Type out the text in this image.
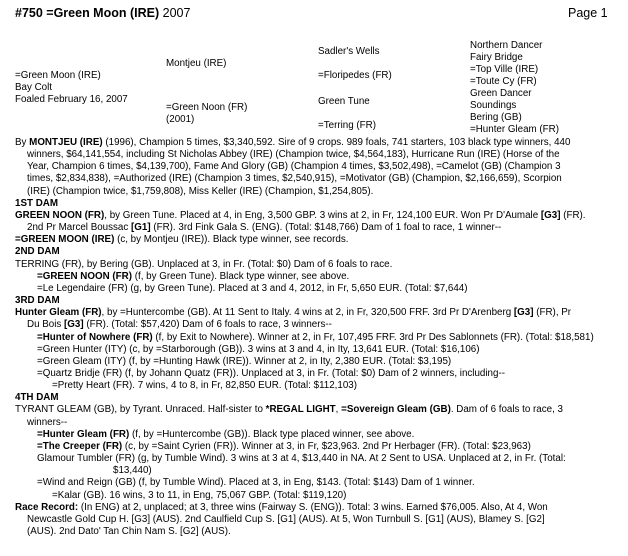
#750 =Green Moon (IRE) 2007	Page 1
=Green Moon (IRE)
Bay Colt
Foaled February 16, 2007
Montjeu (IRE)
=Green Noon (FR)
(2001)
Sadler's Wells
=Floripedes (FR)
Green Tune
=Terring (FR)
Northern Dancer
Fairy Bridge
=Top Ville (IRE)
=Toute Cy (FR)
Green Dancer
Soundings
Bering (GB)
=Hunter Gleam (FR)
By MONTJEU (IRE) (1996), Champion 5 times, $3,340,592. Sire of 9 crops. 989 foals, 741 starters, 103 black type winners, 440
winners, $64,141,554, including St Nicholas Abbey (IRE) (Champion twice, $4,564,183), Hurricane Run (IRE) (Horse of the
Year, Champion 6 times, $4,139,700), Fame And Glory (GB) (Champion 4 times, $3,502,498), =Camelot (GB) (Champion 3
times, $2,834,838), =Authorized (IRE) (Champion 3 times, $2,540,915), =Motivator (GB) (Champion, $2,166,659), Scorpion
(IRE) (Champion twice, $1,759,808), Miss Keller (IRE) (Champion, $1,254,805).
1ST DAM
GREEN NOON (FR), by Green Tune. Placed at 4, in Eng, 3,500 GBP. 3 wins at 2, in Fr, 124,100 EUR. Won Pr D'Aumale [G3] (FR).
2nd Pr Marcel Boussac [G1] (FR). 3rd Fink Gala S. (ENG). (Total: $148,766) Dam of 1 foal to race, 1 winner--
=GREEN MOON (IRE) (c, by Montjeu (IRE)). Black type winner, see records.
2ND DAM
TERRING (FR), by Bering (GB). Unplaced at 3, in Fr. (Total: $0) Dam of 6 foals to race.
=GREEN NOON (FR) (f, by Green Tune). Black type winner, see above.
=Le Legendaire (FR) (g, by Green Tune). Placed at 3 and 4, 2012, in Fr, 5,650 EUR. (Total: $7,644)
3RD DAM
Hunter Gleam (FR), by =Huntercombe (GB). At 11 Sent to Italy. 4 wins at 2, in Fr, 320,500 FRF. 3rd Pr D'Arenberg [G3] (FR), Pr
Du Bois [G3] (FR). (Total: $57,420) Dam of 6 foals to race, 3 winners--
=Hunter of Nowhere (FR) (f, by Exit to Nowhere). Winner at 2, in Fr, 107,495 FRF. 3rd Pr Des Sablonnets (FR). (Total: $18,581)
=Green Hunter (ITY) (c, by =Starborough (GB)). 3 wins at 3 and 4, in Ity, 13,641 EUR. (Total: $16,106)
=Green Gleam (ITY) (f, by =Hunting Hawk (IRE)). Winner at 2, in Ity, 2,380 EUR. (Total: $3,195)
=Quartz Bridje (FR) (f, by Johann Quatz (FR)). Unplaced at 3, in Fr. (Total: $0) Dam of 2 winners, including--
=Pretty Heart (FR). 7 wins, 4 to 8, in Fr, 82,850 EUR. (Total: $112,103)
4TH DAM
TYRANT GLEAM (GB), by Tyrant. Unraced. Half-sister to *REGAL LIGHT, =Sovereign Gleam (GB). Dam of 6 foals to race, 3
winners--
=Hunter Gleam (FR) (f, by =Huntercombe (GB)). Black type placed winner, see above.
=The Creeper (FR) (c, by =Saint Cyrien (FR)). Winner at 3, in Fr, $23,963. 2nd Pr Herbager (FR). (Total: $23,963)
Glamour Tumbler (FR) (g, by Tumble Wind). 3 wins at 3 at 4, $13,440 in NA. At 2 Sent to USA. Unplaced at 2, in Fr. (Total:
$13,440)
=Wind and Reign (GB) (f, by Tumble Wind). Placed at 3, in Eng, $143. (Total: $143) Dam of 1 winner.
=Kalar (GB). 16 wins, 3 to 11, in Eng, 75,067 GBP. (Total: $119,120)
Race Record: (In ENG) at 2, unplaced; at 3, three wins (Fairway S. (ENG)). Total: 3 wins. Earned $76,005. Also, At 4, Won
Newcastle Gold Cup H. [G3] (AUS). 2nd Caulfield Cup S. [G1] (AUS). At 5, Won Turnbull S. [G1] (AUS), Blamey S. [G2]
(AUS). 2nd Dato' Tan Chin Nam S. [G2] (AUS).
